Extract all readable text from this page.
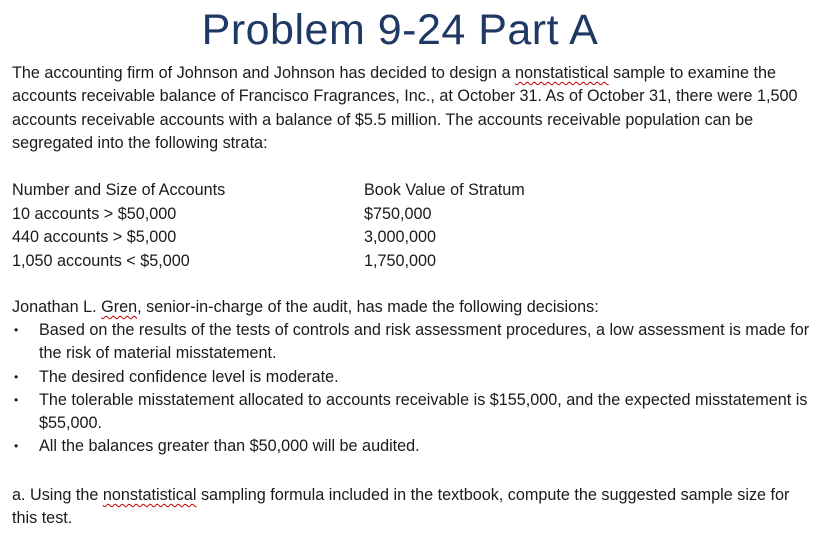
Problem 9-24 Part A
The accounting firm of Johnson and Johnson has decided to design a nonstatistical sample to examine the accounts receivable balance of Francisco Fragrances, Inc., at October 31. As of October 31, there were 1,500 accounts receivable accounts with a balance of $5.5 million. The accounts receivable population can be segregated into the following strata:
Number and Size of Accounts
10 accounts > $50,000
440 accounts > $5,000
1,050 accounts < $5,000
Book Value of Stratum
$750,000
3,000,000
1,750,000
Jonathan L. Gren, senior-in-charge of the audit, has made the following decisions:
• Based on the results of the tests of controls and risk assessment procedures, a low assessment is made for the risk of material misstatement.
• The desired confidence level is moderate.
• The tolerable misstatement allocated to accounts receivable is $155,000, and the expected misstatement is $55,000.
• All the balances greater than $50,000 will be audited.
a. Using the nonstatistical sampling formula included in the textbook, compute the suggested sample size for this test.
